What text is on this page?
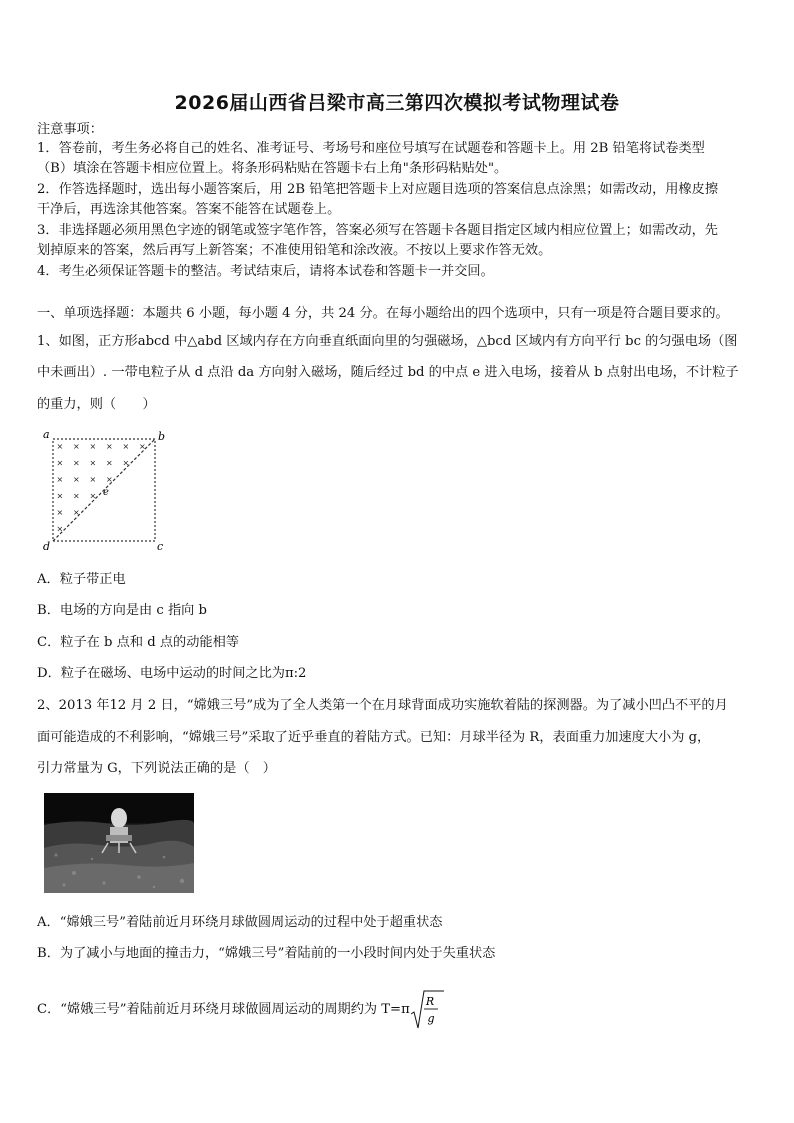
2026届山西省吕梁市高三第四次模拟考试物理试卷
注意事项：
1．答卷前，考生务必将自己的姓名、准考证号、考场号和座位号填写在试题卷和答题卡上。用 2B 铅笔将试卷类型
（B）填涂在答题卡相应位置上。将条形码粘贴在答题卡右上角"条形码粘贴处"。
2．作答选择题时，选出每小题答案后，用 2B 铅笔把答题卡上对应题目选项的答案信息点涂黑；如需改动，用橡皮擦
干净后，再选涂其他答案。答案不能答在试题卷上。
3．非选择题必须用黑色字迹的钢笔或签字笔作答，答案必须写在答题卡各题目指定区域内相应位置上；如需改动，先
划掉原来的答案，然后再写上新答案；不准使用铅笔和涂改液。不按以上要求作答无效。
4．考生必须保证答题卡的整洁。考试结束后，请将本试卷和答题卡一并交回。
一、单项选择题：本题共 6 小题，每小题 4 分，共 24 分。在每小题给出的四个选项中，只有一项是符合题目要求的。
1、如图，正方形abcd 中△abd 区域内存在方向垂直纸面向里的匀强磁场，△bcd 区域内有方向平行 bc 的匀强电场（图
中未画出）. 一带电粒子从 d 点沿 da 方向射入磁场，随后经过 bd 的中点 e 进入电场，接着从 b 点射出电场，不计粒子
的重力，则（　　）
× × × × × ×
× × × × ×
× × × ×
× × ×
× ×
×
a	b
c
d
e
A．粒子带正电
B．电场的方向是由 c 指向 b
C．粒子在 b 点和 d 点的动能相等
D．粒子在磁场、电场中运动的时间之比为π:2
2、2013 年12 月 2 日，“嫦娥三号”成为了全人类第一个在月球背面成功实施软着陆的探测器。为了减小凹凸不平的月
面可能造成的不利影响，“嫦娥三号”采取了近乎垂直的着陆方式。已知：月球半径为 R，表面重力加速度大小为 g，
引力常量为 G，下列说法正确的是（　）
A．“嫦娥三号”着陆前近月环绕月球做圆周运动的过程中处于超重状态
B．为了减小与地面的撞击力，“嫦娥三号”着陆前的一小段时间内处于失重状态
C．“嫦娥三号”着陆前近月环绕月球做圆周运动的周期约为 T=π
R
g
